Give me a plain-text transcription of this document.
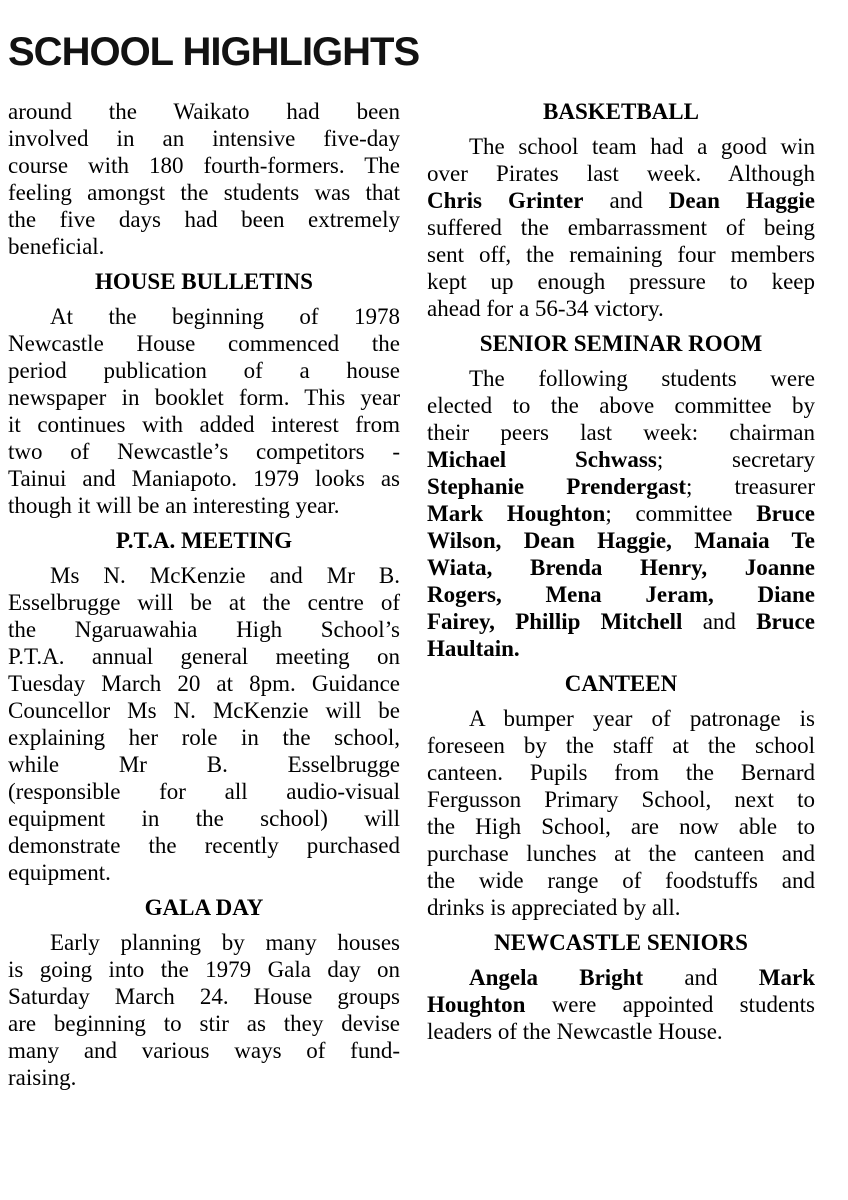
SCHOOL HIGHLIGHTS
around the Waikato had been
involved in an intensive five-day
course with 180 fourth-formers. The
feeling amongst the students was that
the five days had been extremely
beneficial.
HOUSE BULLETINS
At the beginning of 1978
Newcastle House commenced the
period publication of a house
newspaper in booklet form. This year
it continues with added interest from
two of Newcastle’s competitors -
Tainui and Maniapoto. 1979 looks as
though it will be an interesting year.
P.T.A. MEETING
Ms N. McKenzie and Mr B.
Esselbrugge will be at the centre of
the Ngaruawahia High School’s
P.T.A. annual general meeting on
Tuesday March 20 at 8pm. Guidance
Councellor Ms N. McKenzie will be
explaining her role in the school,
while Mr B. Esselbrugge
(responsible for all audio-visual
equipment in the school) will
demonstrate the recently purchased
equipment.
GALA DAY
Early planning by many houses
is going into the 1979 Gala day on
Saturday March 24. House groups
are beginning to stir as they devise
many and various ways of fund-
raising.
BASKETBALL
The school team had a good win
over Pirates last week. Although
Chris Grinter and Dean Haggie
suffered the embarrassment of being
sent off, the remaining four members
kept up enough pressure to keep
ahead for a 56-34 victory.
SENIOR SEMINAR ROOM
The following students were
elected to the above committee by
their peers last week: chairman
Michael Schwass; secretary
Stephanie Prendergast; treasurer
Mark Houghton; committee Bruce
Wilson, Dean Haggie, Manaia Te
Wiata, Brenda Henry, Joanne
Rogers, Mena Jeram, Diane
Fairey, Phillip Mitchell and Bruce
Haultain.
CANTEEN
A bumper year of patronage is
foreseen by the staff at the school
canteen. Pupils from the Bernard
Fergusson Primary School, next to
the High School, are now able to
purchase lunches at the canteen and
the wide range of foodstuffs and
drinks is appreciated by all.
NEWCASTLE SENIORS
Angela Bright and Mark
Houghton were appointed students
leaders of the Newcastle House.
